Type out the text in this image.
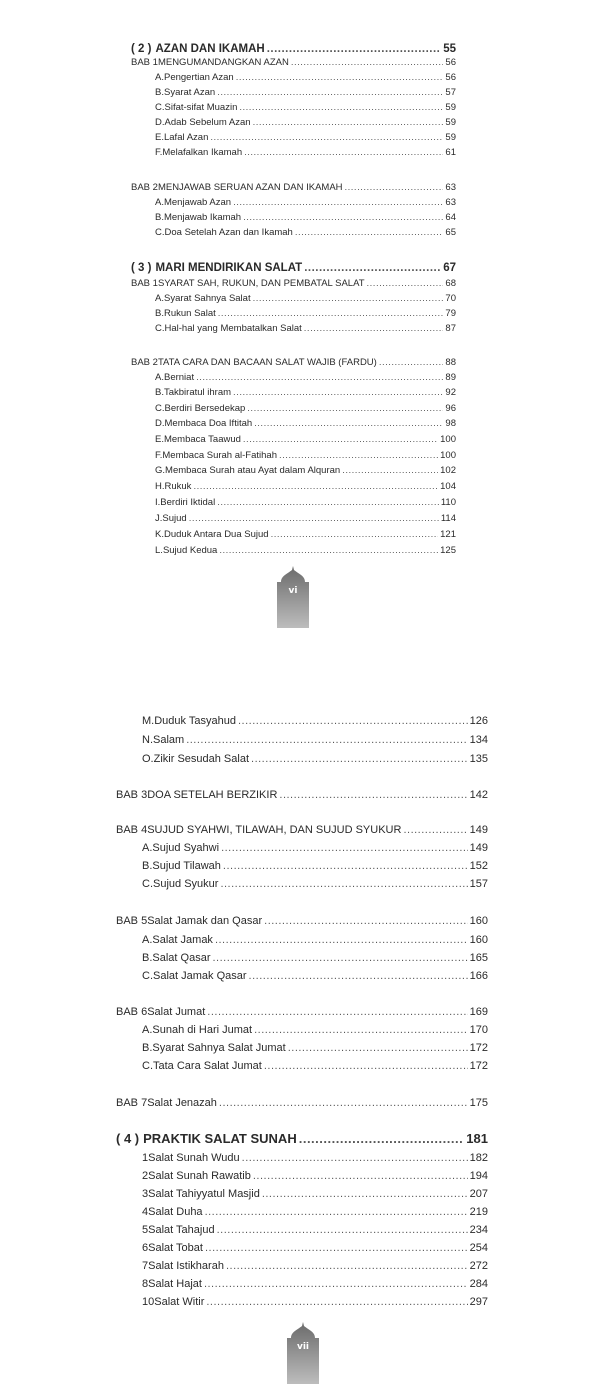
( 2 ) AZAN DAN IKAMAH .....	55
BAB 1 MENGUMANDANGKAN AZAN .....	56
A. Pengertian Azan .....	56
B. Syarat Azan .....	57
C. Sifat-sifat Muazin .....	59
D. Adab Sebelum Azan .....	59
E. Lafal Azan .....	59
F. Melafalkan Ikamah .....	61
BAB 2 MENJAWAB SERUAN AZAN DAN IKAMAH .....	63
A. Menjawab Azan .....	63
B. Menjawab Ikamah .....	64
C. Doa Setelah Azan dan Ikamah .....	65
( 3 ) MARI MENDIRIKAN SALAT .....	67
BAB 1 SYARAT SAH, RUKUN, DAN PEMBATAL SALAT .....	68
A. Syarat Sahnya Salat .....	70
B. Rukun Salat .....	79
C. Hal-hal yang Membatalkan Salat .....	87
BAB 2 TATA CARA DAN BACAAN SALAT WAJIB (FARDU) .....	88
A. Berniat .....	89
B. Takbiratul ihram .....	92
C. Berdiri Bersedekap .....	96
D. Membaca Doa Iftitah .....	98
E. Membaca Taawud .....	100
F. Membaca Surah al-Fatihah .....	100
G. Membaca Surah atau Ayat dalam Alquran .....	102
H. Rukuk .....	104
I. Berdiri Iktidal .....	110
J. Sujud .....	114
K. Duduk Antara Dua Sujud .....	121
L. Sujud Kedua .....	125
vi
M. Duduk Tasyahud .....	126
N. Salam .....	134
O. Zikir Sesudah Salat .....	135
BAB 3 DOA SETELAH BERZIKIR .....	142
BAB 4 SUJUD SYAHWI, TILAWAH, DAN SUJUD SYUKUR .....	149
A. Sujud Syahwi .....	149
B. Sujud Tilawah .....	152
C. Sujud Syukur .....	157
BAB 5 Salat Jamak dan Qasar .....	160
A. Salat Jamak .....	160
B. Salat Qasar .....	165
C. Salat Jamak Qasar .....	166
BAB 6 Salat Jumat .....	169
A. Sunah di Hari Jumat .....	170
B. Syarat Sahnya Salat Jumat .....	172
C. Tata Cara Salat Jumat .....	172
BAB 7 Salat Jenazah .....	175
( 4 ) PRAKTIK SALAT SUNAH .....	181
1 Salat Sunah Wudu .....	182
2 Salat Sunah Rawatib .....	194
3 Salat Tahiyyatul Masjid .....	207
4 Salat Duha .....	219
5 Salat Tahajud .....	234
6 Salat Tobat .....	254
7 Salat Istikharah .....	272
8 Salat Hajat .....	284
10 Salat Witir .....	297
vii
